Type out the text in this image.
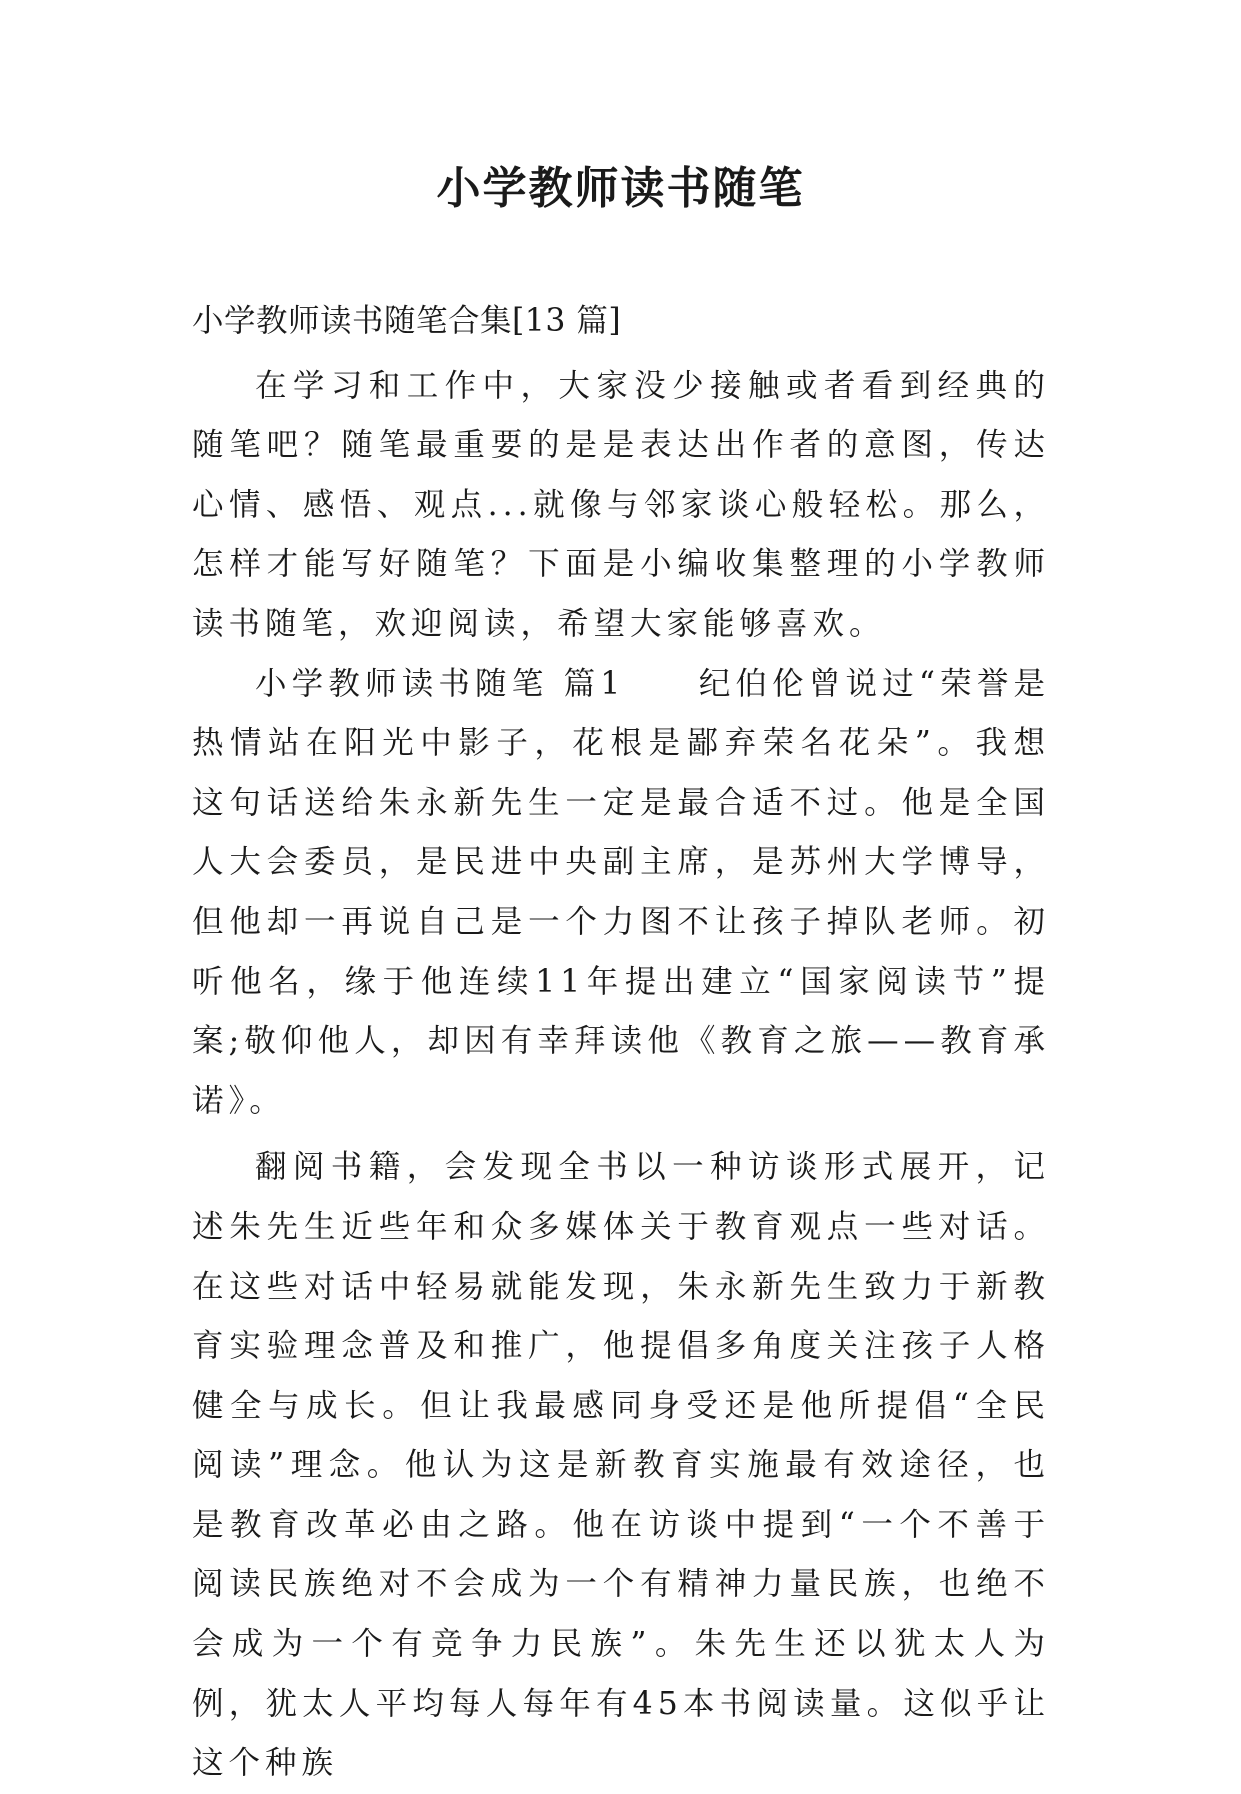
小学教师读书随笔

小学教师读书随笔合集[13 篇]

在学习和工作中，大家没少接触或者看到经典的随笔吧？随笔最重要的是是表达出作者的意图，传达心情、感悟、观点...就像与邻家谈心般轻松。那么，怎样才能写好随笔？下面是小编收集整理的小学教师读书随笔，欢迎阅读，希望大家能够喜欢。

小学教师读书随笔 篇1　　纪伯伦曾说过“荣誉是热情站在阳光中影子，花根是鄙弃荣名花朵”。我想这句话送给朱永新先生一定是最合适不过。他是全国人大会委员，是民进中央副主席，是苏州大学博导，但他却一再说自己是一个力图不让孩子掉队老师。初听他名，缘于他连续11年提出建立“国家阅读节”提案;敬仰他人，却因有幸拜读他《教育之旅——教育承诺》。

翻阅书籍，会发现全书以一种访谈形式展开，记述朱先生近些年和众多媒体关于教育观点一些对话。在这些对话中轻易就能发现，朱永新先生致力于新教育实验理念普及和推广，他提倡多角度关注孩子人格健全与成长。但让我最感同身受还是他所提倡“全民阅读”理念。他认为这是新教育实施最有效途径，也是教育改革必由之路。他在访谈中提到“一个不善于阅读民族绝对不会成为一个有精神力量民族，也绝不会成为一个有竞争力民族”。朱先生还以犹太人为例，犹太人平均每人每年有45本书阅读量。这似乎让这个种族
